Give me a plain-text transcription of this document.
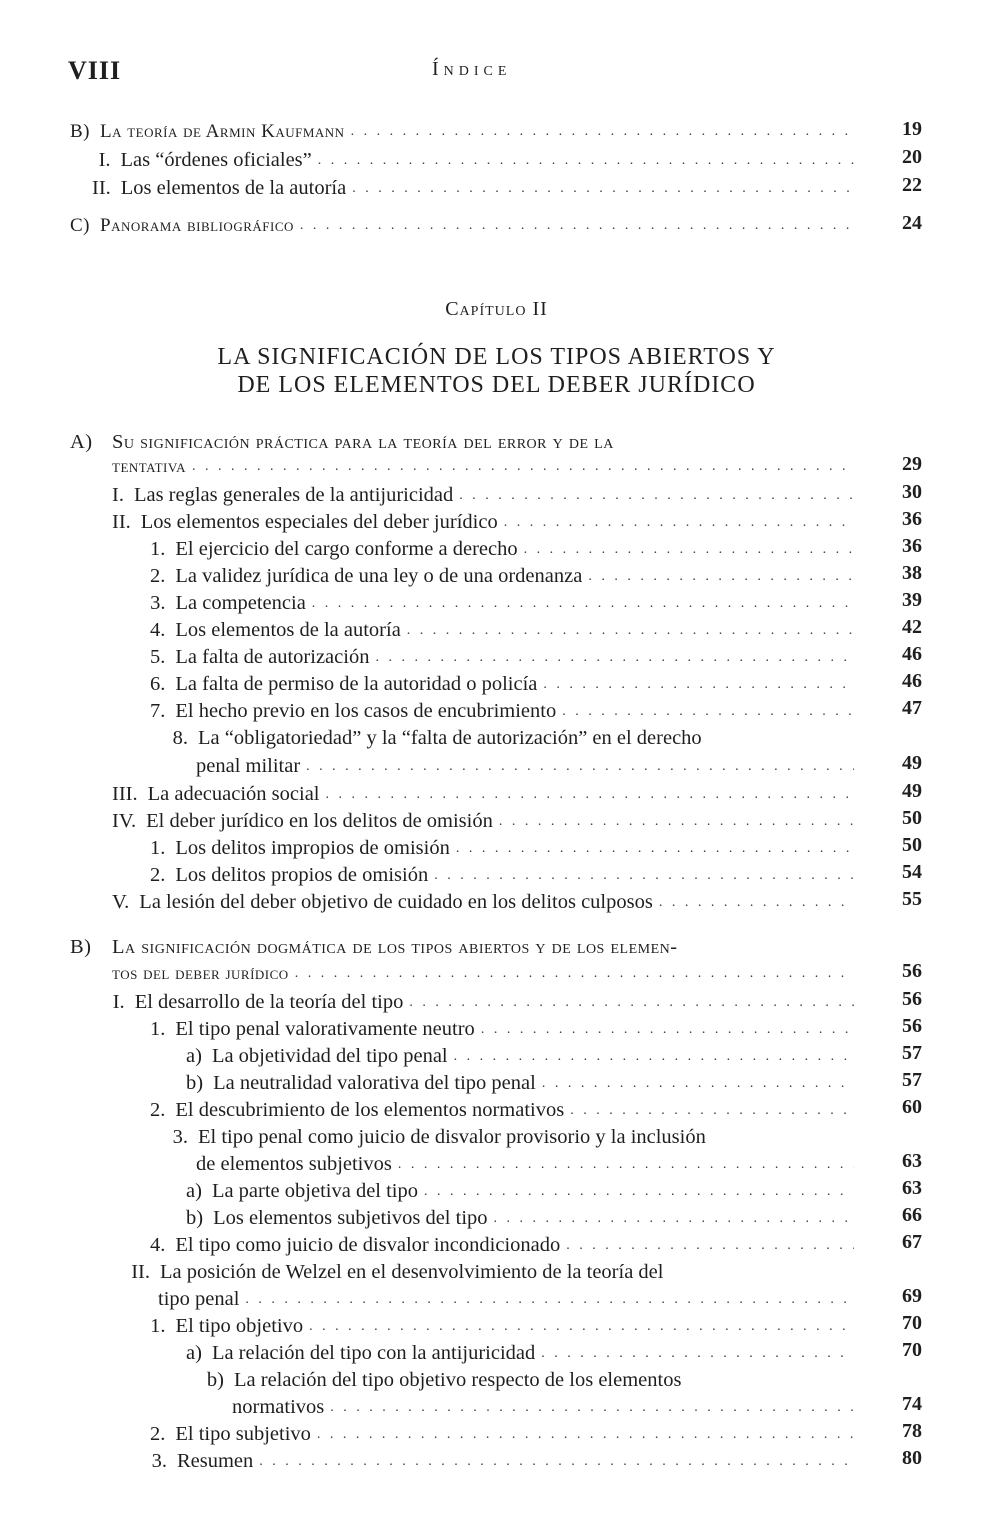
VIII	Índice
B) La teoría de Armin Kaufmann . . .	19
I. Las “órdenes oficiales” . . .	20
II. Los elementos de la autoría . . .	22
C) Panorama bibliográfico . . .	24
Capítulo II
LA SIGNIFICACIÓN DE LOS TIPOS ABIERTOS Y
DE LOS ELEMENTOS DEL DEBER JURÍDICO
A) Su significación práctica para la teoría del error y de la
tentativa . . .	29
I. Las reglas generales de la antijuricidad . . .	30
II. Los elementos especiales del deber jurídico . . .	36
1. El ejercicio del cargo conforme a derecho . . .	36
2. La validez jurídica de una ley o de una ordenanza . . .	38
3. La competencia . . .	39
4. Los elementos de la autoría . . .	42
5. La falta de autorización . . .	46
6. La falta de permiso de la autoridad o policía . . .	46
7. El hecho previo en los casos de encubrimiento . . .	47
8. La “obligatoriedad” y la “falta de autorización” en el derecho
penal militar . . .	49
III. La adecuación social . . .	49
IV. El deber jurídico en los delitos de omisión . . .	50
1. Los delitos impropios de omisión . . .	50
2. Los delitos propios de omisión . . .	54
V. La lesión del deber objetivo de cuidado en los delitos culposos . . .	55
B) La significación dogmática de los tipos abiertos y de los elemen-
tos del deber jurídico . . .	56
I. El desarrollo de la teoría del tipo . . .	56
1. El tipo penal valorativamente neutro . . .	56
a) La objetividad del tipo penal . . .	57
b) La neutralidad valorativa del tipo penal . . .	57
2. El descubrimiento de los elementos normativos . . .	60
3. El tipo penal como juicio de disvalor provisorio y la inclusión
de elementos subjetivos . . .	63
a) La parte objetiva del tipo . . .	63
b) Los elementos subjetivos del tipo . . .	66
4. El tipo como juicio de disvalor incondicionado . . .	67
II. La posición de Welzel en el desenvolvimiento de la teoría del
tipo penal . . .	69
1. El tipo objetivo . . .	70
a) La relación del tipo con la antijuricidad . . .	70
b) La relación del tipo objetivo respecto de los elementos
normativos . . .	74
2. El tipo subjetivo . . .	78
3. Resumen . . .	80
